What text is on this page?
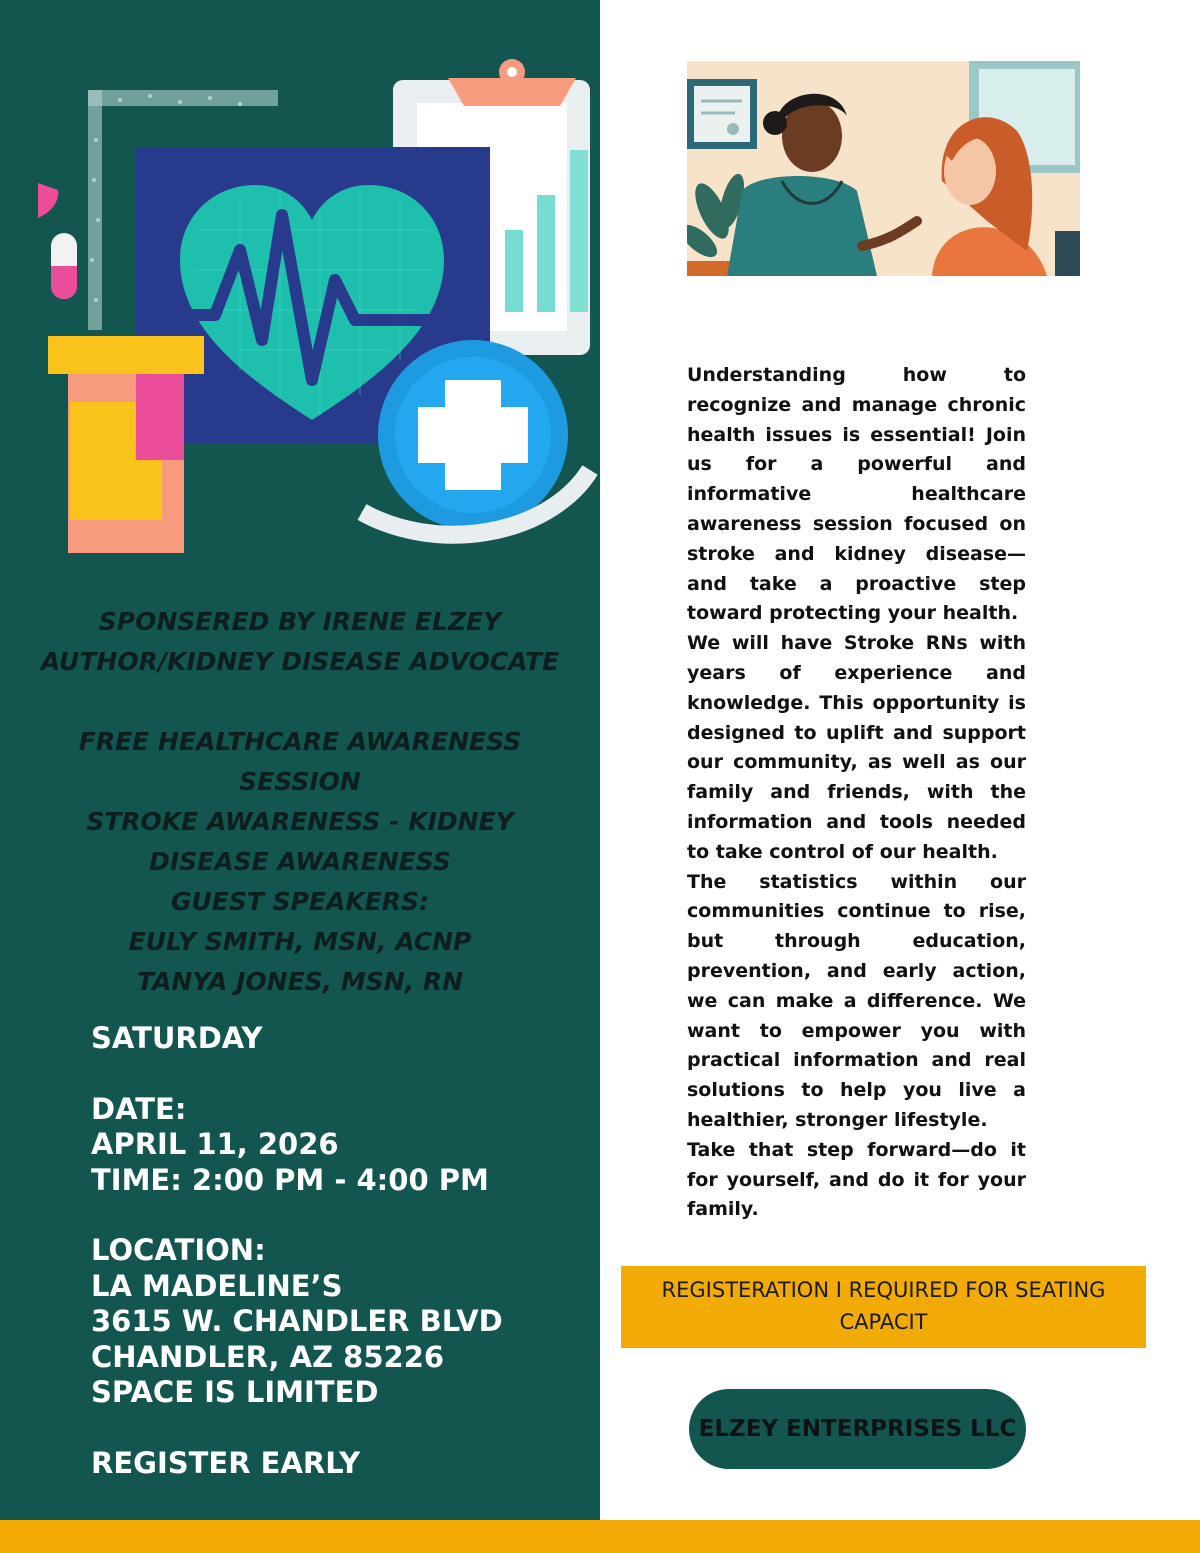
SPONSERED BY IRENE ELZEY
AUTHOR/KIDNEY DISEASE ADVOCATE
FREE HEALTHCARE AWARENESS
SESSION
STROKE AWARENESS - KIDNEY
DISEASE AWARENESS
GUEST SPEAKERS:
EULY SMITH, MSN, ACNP
TANYA JONES, MSN, RN
SATURDAY
DATE:
APRIL 11, 2026
TIME: 2:00 PM - 4:00 PM
LOCATION:
LA MADELINE’S
3615 W. CHANDLER BLVD
CHANDLER, AZ 85226
SPACE IS LIMITED
REGISTER EARLY

Understanding how to recognize and manage chronic health issues is essential! Join us for a powerful and informative healthcare awareness session focused on stroke and kidney disease—and take a proactive step toward protecting your health.

We will have Stroke RNs with years of experience and knowledge. This opportunity is designed to uplift and support our community, as well as our family and friends, with the information and tools needed to take control of our health.

The statistics within our communities continue to rise, but through education, prevention, and early action, we can make a difference. We want to empower you with practical information and real solutions to help you live a healthier, stronger lifestyle.

Take that step forward—do it for yourself, and do it for your family.

REGISTERATION I REQUIRED FOR SEATING
CAPACIT
ELZEY ENTERPRISES LLC
